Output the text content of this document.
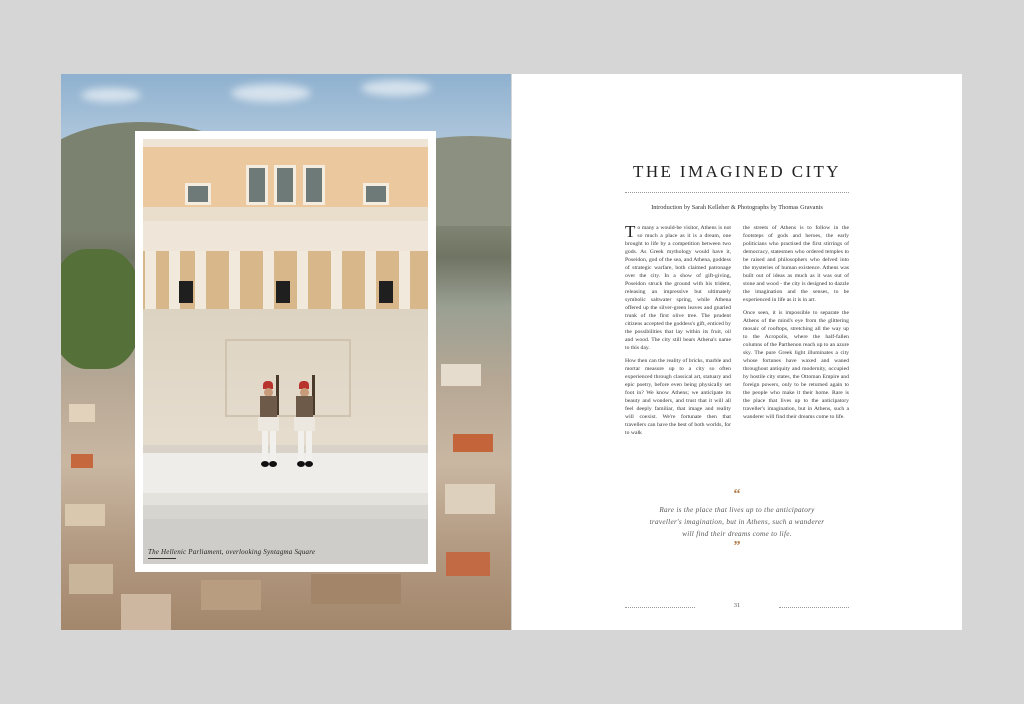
The Hellenic Parliament, overlooking Syntagma Square
THE IMAGINED CITY

Introduction by Sarah Kelleher & Photographs by Thomas Gravanis

To many a would-be visitor, Athens is not so much a place as it is a dream, one brought to life by a competition between two gods. As Greek mythology would have it, Poseidon, god of the sea, and Athena, goddess of strategic warfare, both claimed patronage over the city. In a show of gift-giving, Poseidon struck the ground with his trident, releasing an impressive but ultimately symbolic saltwater spring, while Athena offered up the silver-green leaves and gnarled trunk of the first olive tree. The prudent citizens accepted the goddess's gift, enticed by the possibilities that lay within its fruit, oil and wood. The city still bears Athena's name to this day.

How then can the reality of bricks, marble and mortar measure up to a city so often experienced through classical art, statuary and epic poetry, before even being physically set foot in? We know Athens; we anticipate its beauty and wonders, and trust that it will all feel deeply familiar, that image and reality will coexist. We're fortunate then that travellers can have the best of both worlds, for to walk

the streets of Athens is to follow in the footsteps of gods and heroes, the early politicians who practised the first stirrings of democracy, statesmen who ordered temples to be raised and philosophers who delved into the mysteries of human existence. Athens was built out of ideas as much as it was out of stone and wood - the city is designed to dazzle the imagination and the senses, to be experienced in life as it is in art.

Once seen, it is impossible to separate the Athens of the mind's eye from the glittering mosaic of rooftops, stretching all the way up to the Acropolis, where the half-fallen columns of the Parthenon reach up to an azure sky. The pure Greek light illuminates a city whose fortunes have waxed and waned throughout antiquity and modernity, occupied by hostile city states, the Ottoman Empire and foreign powers, only to be returned again to the people who make it their home. Rare is the place that lives up to the anticipatory traveller's imagination, but in Athens, such a wanderer will find their dreams come to life.

“
Rare is the place that lives up to the anticipatory
traveller's imagination, but in Athens, such a wanderer
will find their dreams come to life.
”
31
